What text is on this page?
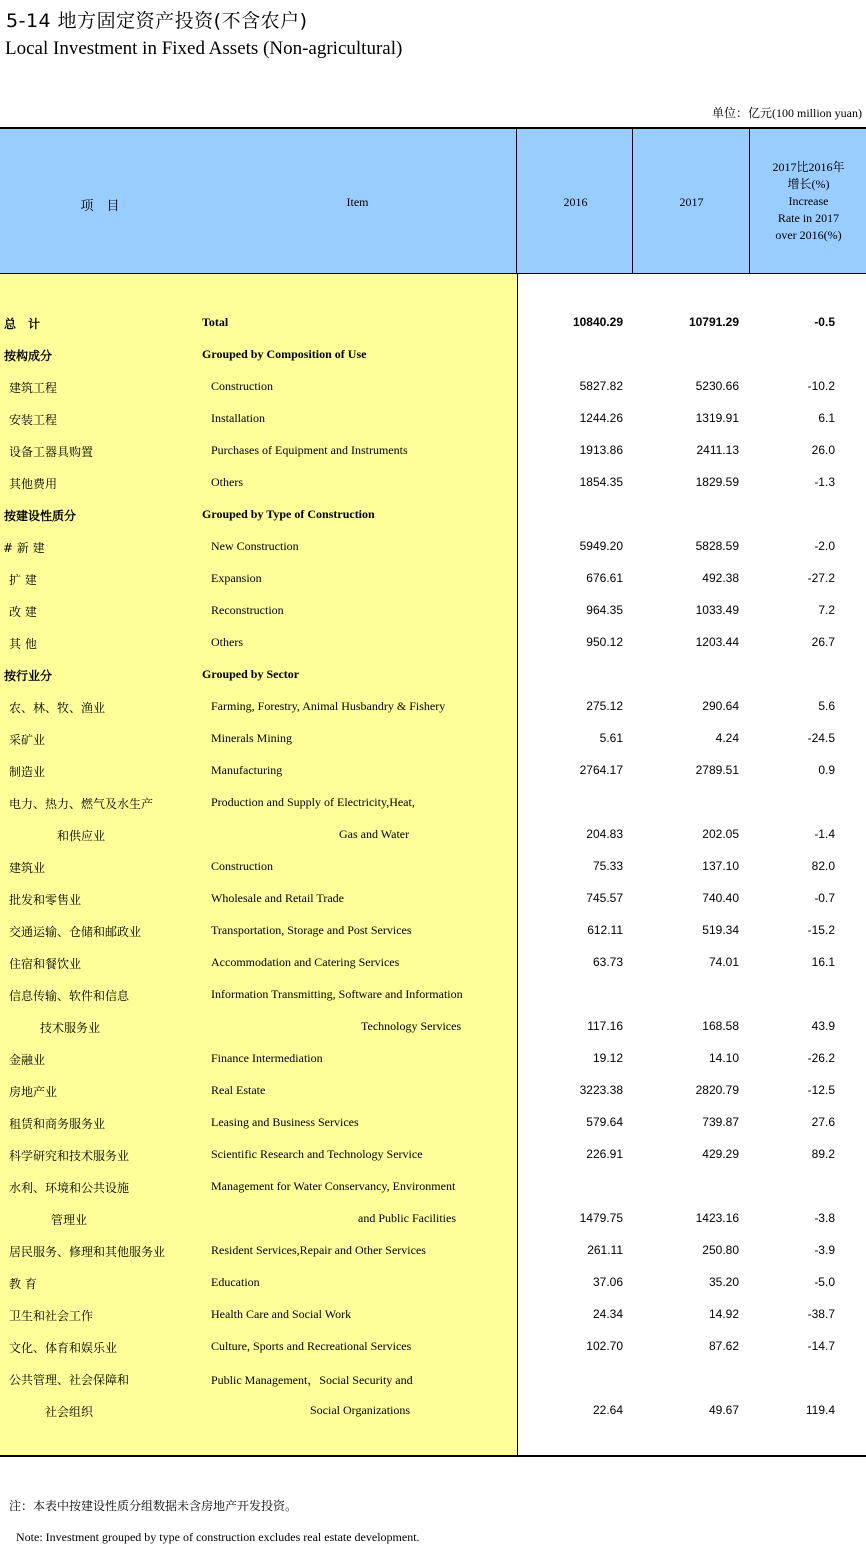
5-14 地方固定资产投资(不含农户)
Local Investment in Fixed Assets (Non-agricultural)
单位：亿元(100 million yuan)
项　目	Item	2016	2017
2017比2016年
增长(%)
Increase
Rate in 2017
over 2016(%)
总　计	Total	10840.29	10791.29	-0.5
按构成分	Grouped by Composition of Use
建筑工程	Construction	5827.82	5230.66	-10.2
安装工程	Installation	1244.26	1319.91	6.1
设备工器具购置	Purchases of Equipment and Instruments	1913.86	2411.13	26.0
其他费用	Others	1854.35	1829.59	-1.3
按建设性质分	Grouped by Type of Construction
# 新 建	New Construction	5949.20	5828.59	-2.0
扩 建	Expansion	676.61	492.38	-27.2
改 建	Reconstruction	964.35	1033.49	7.2
其 他	Others	950.12	1203.44	26.7
按行业分	Grouped by Sector
农、林、牧、渔业	Farming, Forestry, Animal Husbandry & Fishery	275.12	290.64	5.6
采矿业	Minerals Mining	5.61	4.24	-24.5
制造业	Manufacturing	2764.17	2789.51	0.9
电力、热力、燃气及水生产	Production and Supply of Electricity,Heat,
和供应业	Gas and Water	204.83	202.05	-1.4
建筑业	Construction	75.33	137.10	82.0
批发和零售业	Wholesale and Retail Trade	745.57	740.40	-0.7
交通运输、仓储和邮政业	Transportation, Storage and Post Services	612.11	519.34	-15.2
住宿和餐饮业	Accommodation and Catering Services	63.73	74.01	16.1
信息传输、软件和信息	Information Transmitting, Software and Information
技术服务业	Technology Services	117.16	168.58	43.9
金融业	Finance Intermediation	19.12	14.10	-26.2
房地产业	Real Estate	3223.38	2820.79	-12.5
租赁和商务服务业	Leasing and Business Services	579.64	739.87	27.6
科学研究和技术服务业	Scientific Research and Technology Service	226.91	429.29	89.2
水利、环境和公共设施	Management for Water Conservancy, Environment
管理业	and Public Facilities	1479.75	1423.16	-3.8
居民服务、修理和其他服务业	Resident Services,Repair and Other Services	261.11	250.80	-3.9
教 育	Education	37.06	35.20	-5.0
卫生和社会工作	Health Care and Social Work	24.34	14.92	-38.7
文化、体育和娱乐业	Culture, Sports and Recreational Services	102.70	87.62	-14.7
公共管理、社会保障和	Public Management，Social Security and
社会组织	Social Organizations	22.64	49.67	119.4
注：本表中按建设性质分组数据未含房地产开发投资。
Note: Investment grouped by type of construction excludes real estate development.
